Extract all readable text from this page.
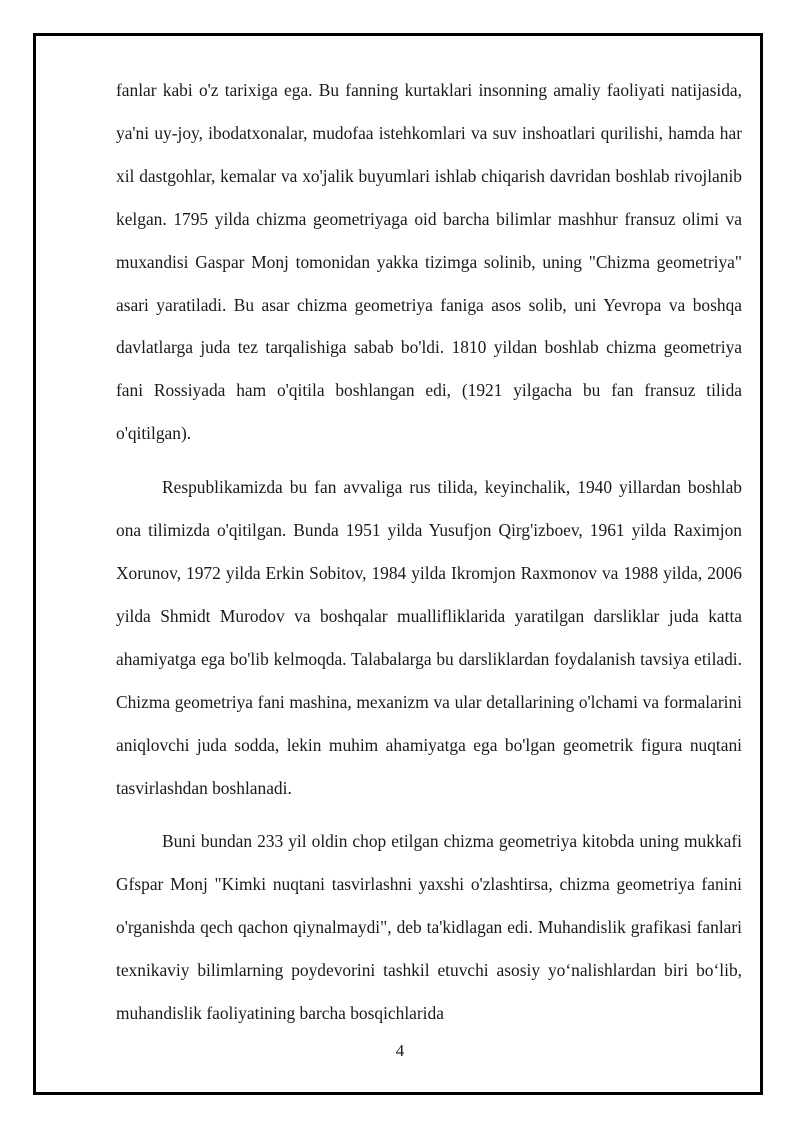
fanlar kabi o'z tarixiga ega. Bu fanning kurtaklari insonning amaliy faoliyati natijasida, ya'ni uy-joy, ibodatxonalar, mudofaa istehkomlari va suv inshoatlari qurilishi, hamda har xil dastgohlar, kemalar va xo'jalik buyumlari ishlab chiqarish davridan boshlab rivojlanib kelgan. 1795 yilda chizma geometriyaga oid barcha bilimlar mashhur fransuz olimi va muxandisi Gaspar Monj tomonidan yakka tizimga solinib, uning "Chizma geometriya" asari yaratiladi. Bu asar chizma geometriya faniga asos solib, uni Yevropa va boshqa davlatlarga juda tez tarqalishiga sabab bo'ldi. 1810 yildan boshlab chizma geometriya fani Rossiyada ham o'qitila boshlangan edi, (1921 yilgacha bu fan fransuz tilida o'qitilgan).

Respublikamizda bu fan avvaliga rus tilida, keyinchalik, 1940 yillardan boshlab ona tilimizda o'qitilgan. Bunda 1951 yilda Yusufjon Qirg'izboev, 1961 yilda Raximjon Xorunov, 1972 yilda Erkin Sobitov, 1984 yilda Ikromjon Raxmonov va 1988 yilda, 2006 yilda Shmidt Murodov va boshqalar muallifliklarida yaratilgan darsliklar juda katta ahamiyatga ega bo'lib kelmoqda. Talabalarga bu darsliklardan foydalanish tavsiya etiladi. Chizma geometriya fani mashina, mexanizm va ular detallarining o'lchami va formalarini aniqlovchi juda sodda, lekin muhim ahamiyatga ega bo'lgan geometrik figura nuqtani tasvirlashdan boshlanadi.

Buni bundan 233 yil oldin chop etilgan chizma geometriya kitobda uning mukkafi Gfspar Monj "Kimki nuqtani tasvirlashni yaxshi o'zlashtirsa, chizma geometriya fanini o'rganishda qech qachon qiynalmaydi", deb ta'kidlagan edi. Muhandislik grafikasi fanlari texnikaviy bilimlarning poydevorini tashkil etuvchi asosiy yo‘nalishlardan biri bo‘lib, muhandislik faoliyatining barcha bosqichlarida

4
